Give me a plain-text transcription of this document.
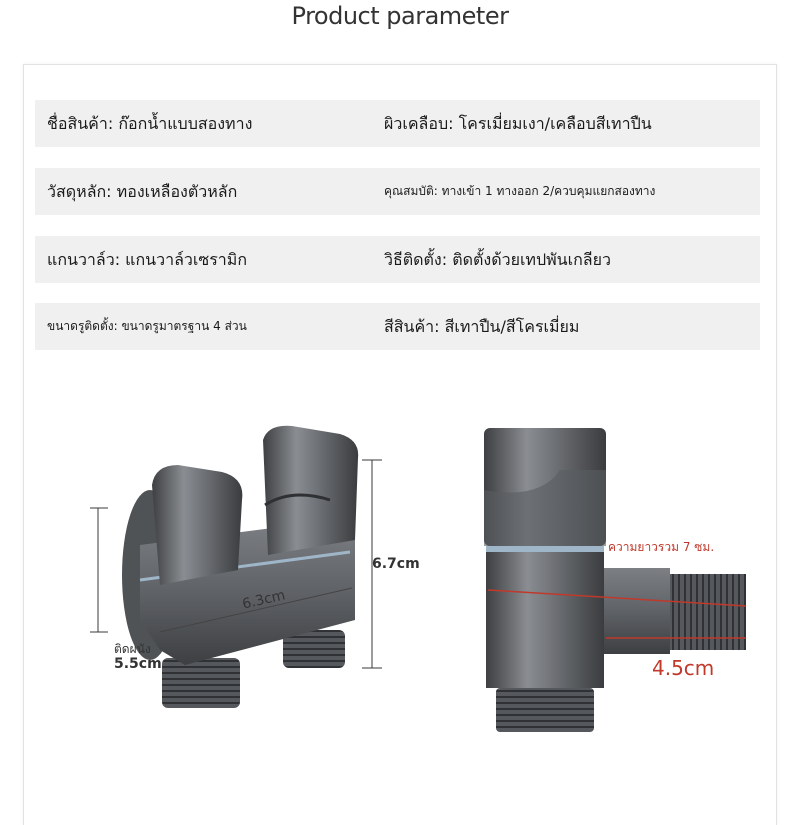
Product parameter
ชื่อสินค้า: ก๊อกน้ำแบบสองทาง	ผิวเคลือบ: โครเมี่ยมเงา/เคลือบสีเทาปืน
วัสดุหลัก: ทองเหลืองตัวหลัก	คุณสมบัติ: ทางเข้า 1 ทางออก 2/ควบคุมแยกสองทาง
แกนวาล์ว: แกนวาล์วเซรามิก	วิธีติดตั้ง: ติดตั้งด้วยเทปพันเกลียว
ขนาดรูติดตั้ง: ขนาดรูมาตรฐาน 4 ส่วน	สีสินค้า: สีเทาปืน/สีโครเมี่ยม
6.3cm
6.7cm
ติดผนัง
5.5cm
ความยาวรวม 7 ซม.
4.5cm
